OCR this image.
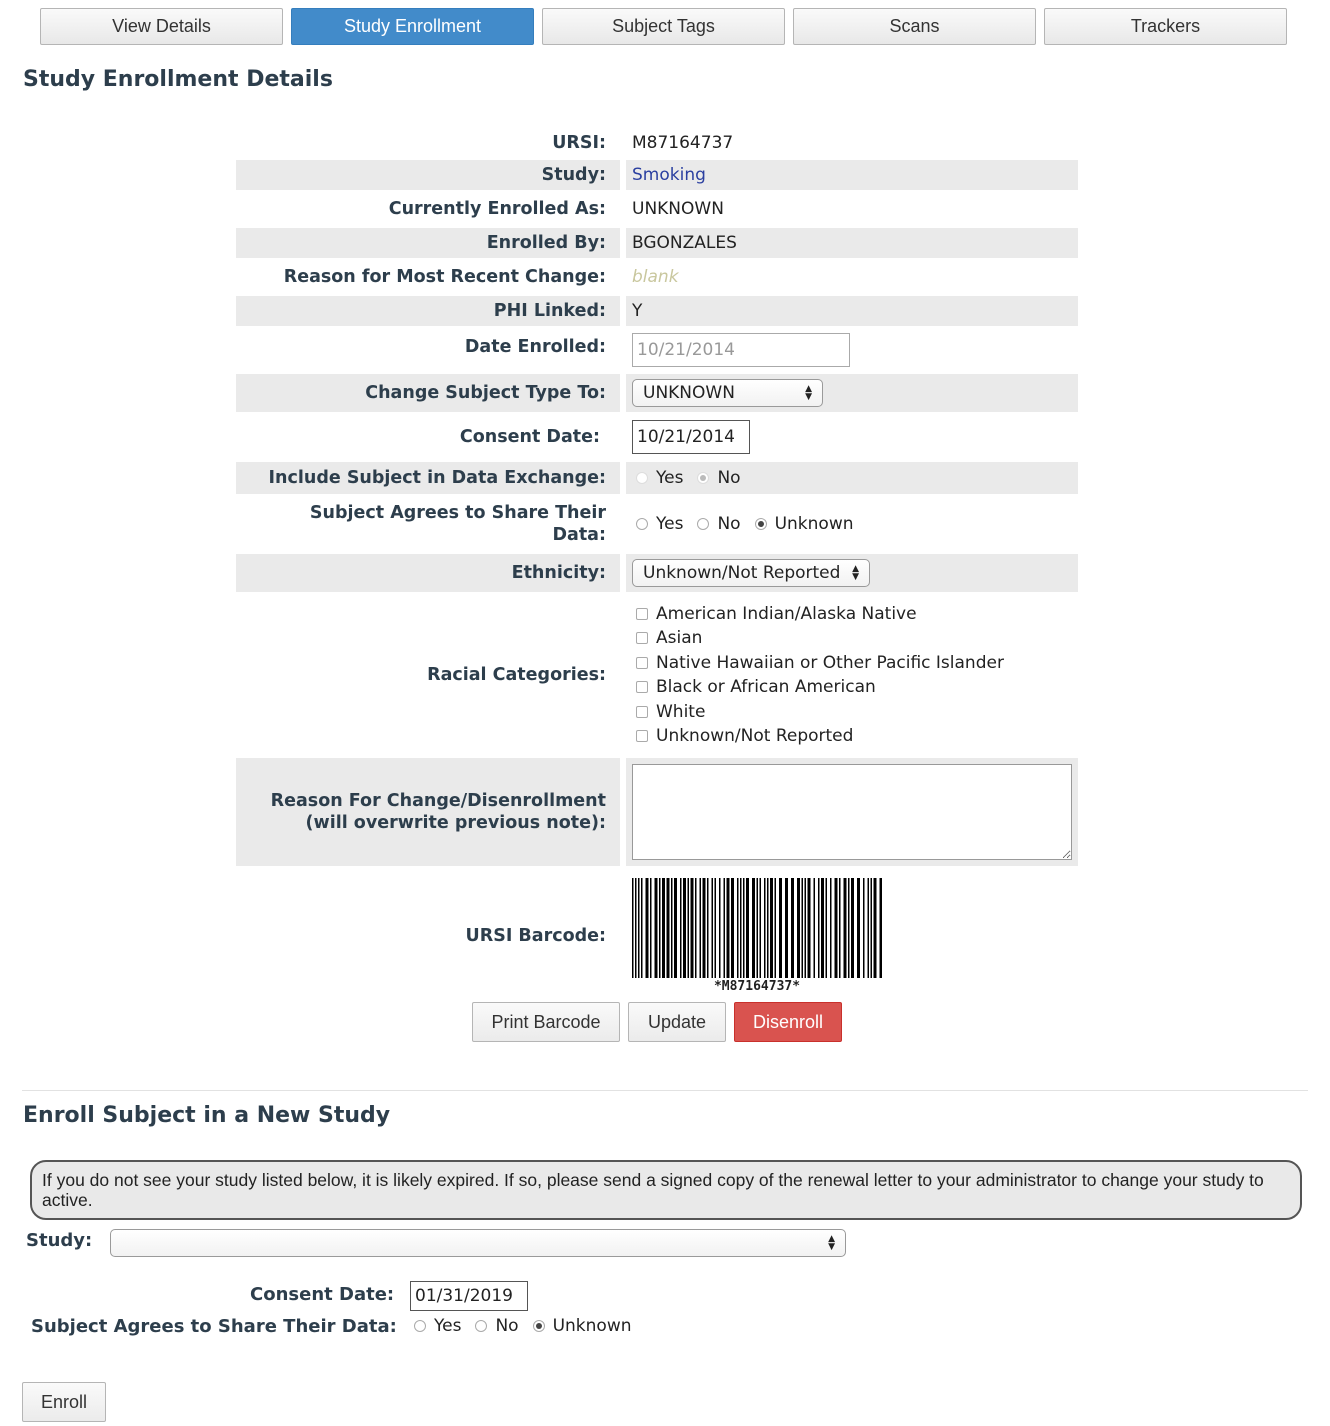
View Details	Study Enrollment	Subject Tags	Scans	Trackers
Study Enrollment Details
URSI:	M87164737
Study:	Smoking
Currently Enrolled As:	UNKNOWN
Enrolled By:	BGONZALES
Reason for Most Recent Change:	blank
PHI Linked:	Y
Date Enrolled:	10/21/2014
Change Subject Type To:	UNKNOWN	▲
▼
Consent Date:	10/21/2014
Include Subject in Data Exchange:	Yes No
Subject Agrees to Share Their
Data:
Yes No Unknown
Ethnicity:	Unknown/Not Reported ▲
▼
Racial Categories:
American Indian/Alaska Native
Asian
Native Hawaiian or Other Pacific Islander
Black or African American
White
Unknown/Not Reported
Reason For Change/Disenrollment
(will overwrite previous note):
URSI Barcode:
*M87164737*
Print Barcode	Update	Disenroll
Enroll Subject in a New Study
If you do not see your study listed below, it is likely expired. If so, please send a signed copy of the renewal letter to your administrator to change your study to active.
Study:	▲
▼
Consent Date: 01/31/2019
Subject Agrees to Share Their Data: Yes No Unknown
Enroll
